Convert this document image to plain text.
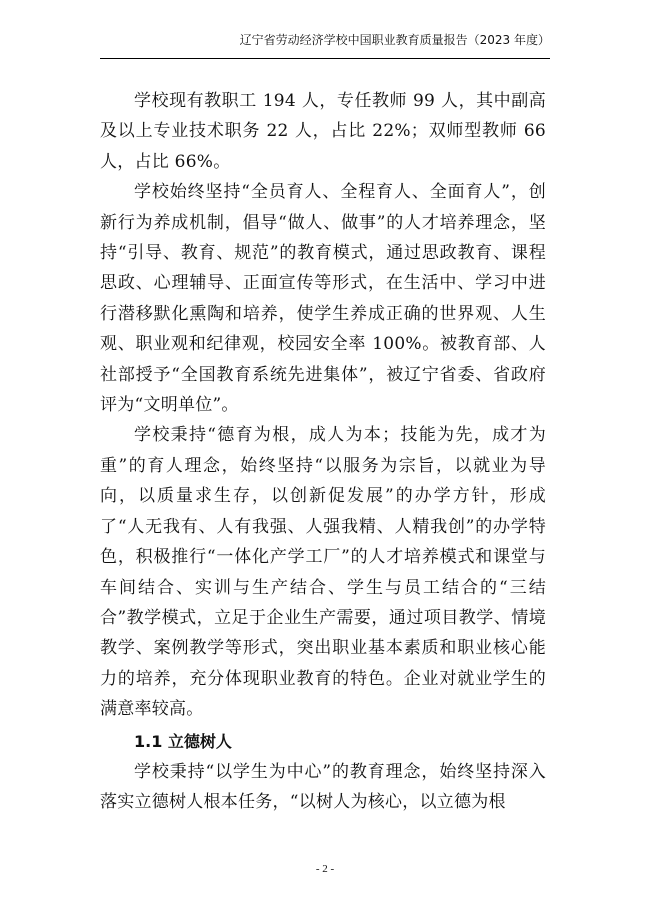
辽宁省劳动经济学校中国职业教育质量报告（2023 年度）

学校现有教职工 194 人，专任教师 99 人，其中副高及以上专业技术职务 22 人，占比 22%；双师型教师 66 人，占比 66%。

学校始终坚持“全员育人、全程育人、全面育人”，创新行为养成机制，倡导“做人、做事”的人才培养理念，坚持“引导、教育、规范”的教育模式，通过思政教育、课程思政、心理辅导、正面宣传等形式，在生活中、学习中进行潜移默化熏陶和培养，使学生养成正确的世界观、人生观、职业观和纪律观，校园安全率 100%。被教育部、人社部授予“全国教育系统先进集体”，被辽宁省委、省政府评为“文明单位”。

学校秉持“德育为根，成人为本；技能为先，成才为重”的育人理念，始终坚持“以服务为宗旨，以就业为导向，以质量求生存，以创新促发展”的办学方针，形成了“人无我有、人有我强、人强我精、人精我创”的办学特色，积极推行“一体化产学工厂”的人才培养模式和课堂与车间结合、实训与生产结合、学生与员工结合的“三结合”教学模式，立足于企业生产需要，通过项目教学、情境教学、案例教学等形式，突出职业基本素质和职业核心能力的培养，充分体现职业教育的特色。企业对就业学生的满意率较高。

1.1 立德树人

学校秉持“以学生为中心”的教育理念，始终坚持深入落实立德树人根本任务，“以树人为核心，以立德为根

- 2 -
